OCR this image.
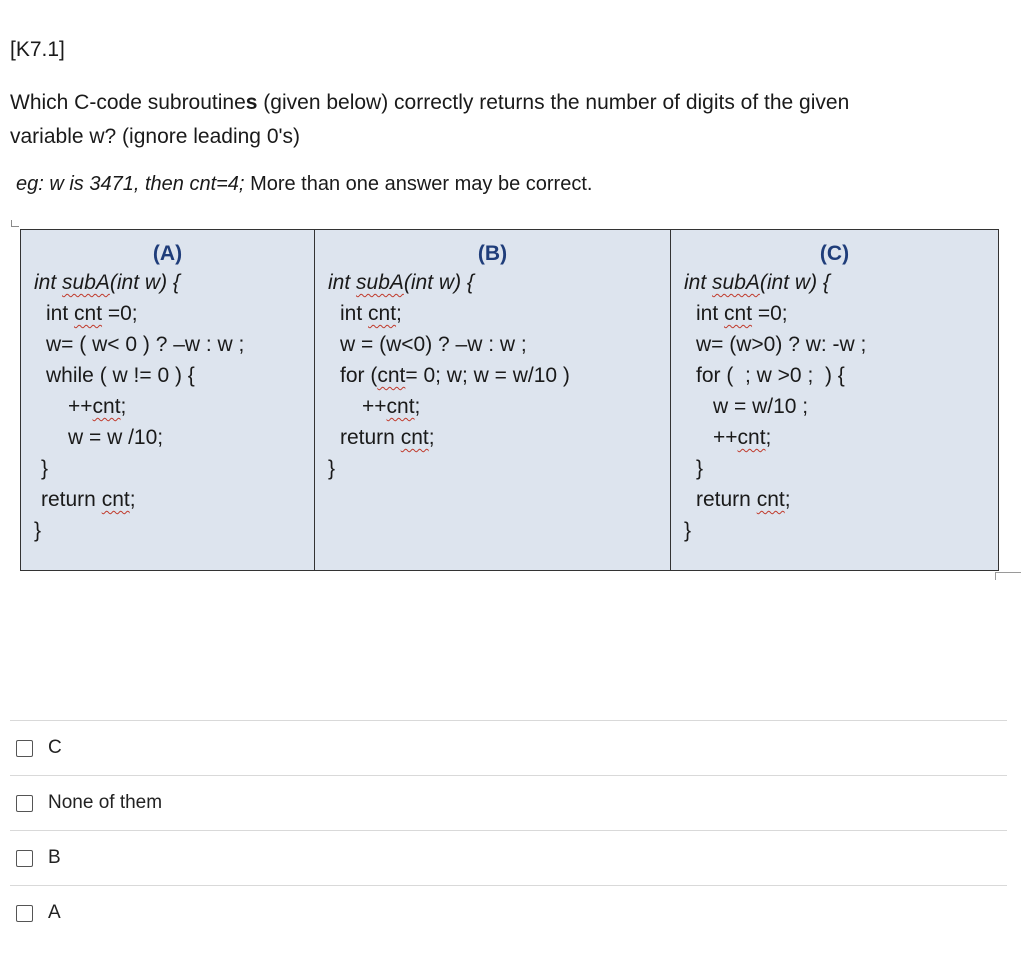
[K7.1]
Which C-code subroutines (given below) correctly returns the number of digits of the given
variable w? (ignore leading 0's)
eg: w is 3471, then cnt=4; More than one answer may be correct.
(A)
int subA(int w) {
int cnt =0;
w= ( w< 0 ) ? –w : w ;
while ( w != 0 ) {
++cnt;
w = w /10;
}
return cnt;
}

(B)
int subA(int w) {
int cnt;
w = (w<0) ? –w : w ;
for (cnt= 0; w; w = w/10 )
++cnt;
return cnt;
}

(C)
int subA(int w) {
int cnt =0;
w= (w>0) ? w: -w ;
for (  ; w >0 ;  ) {
w = w/10 ;
++cnt;
}
return cnt;
}
C
None of them
B
A
